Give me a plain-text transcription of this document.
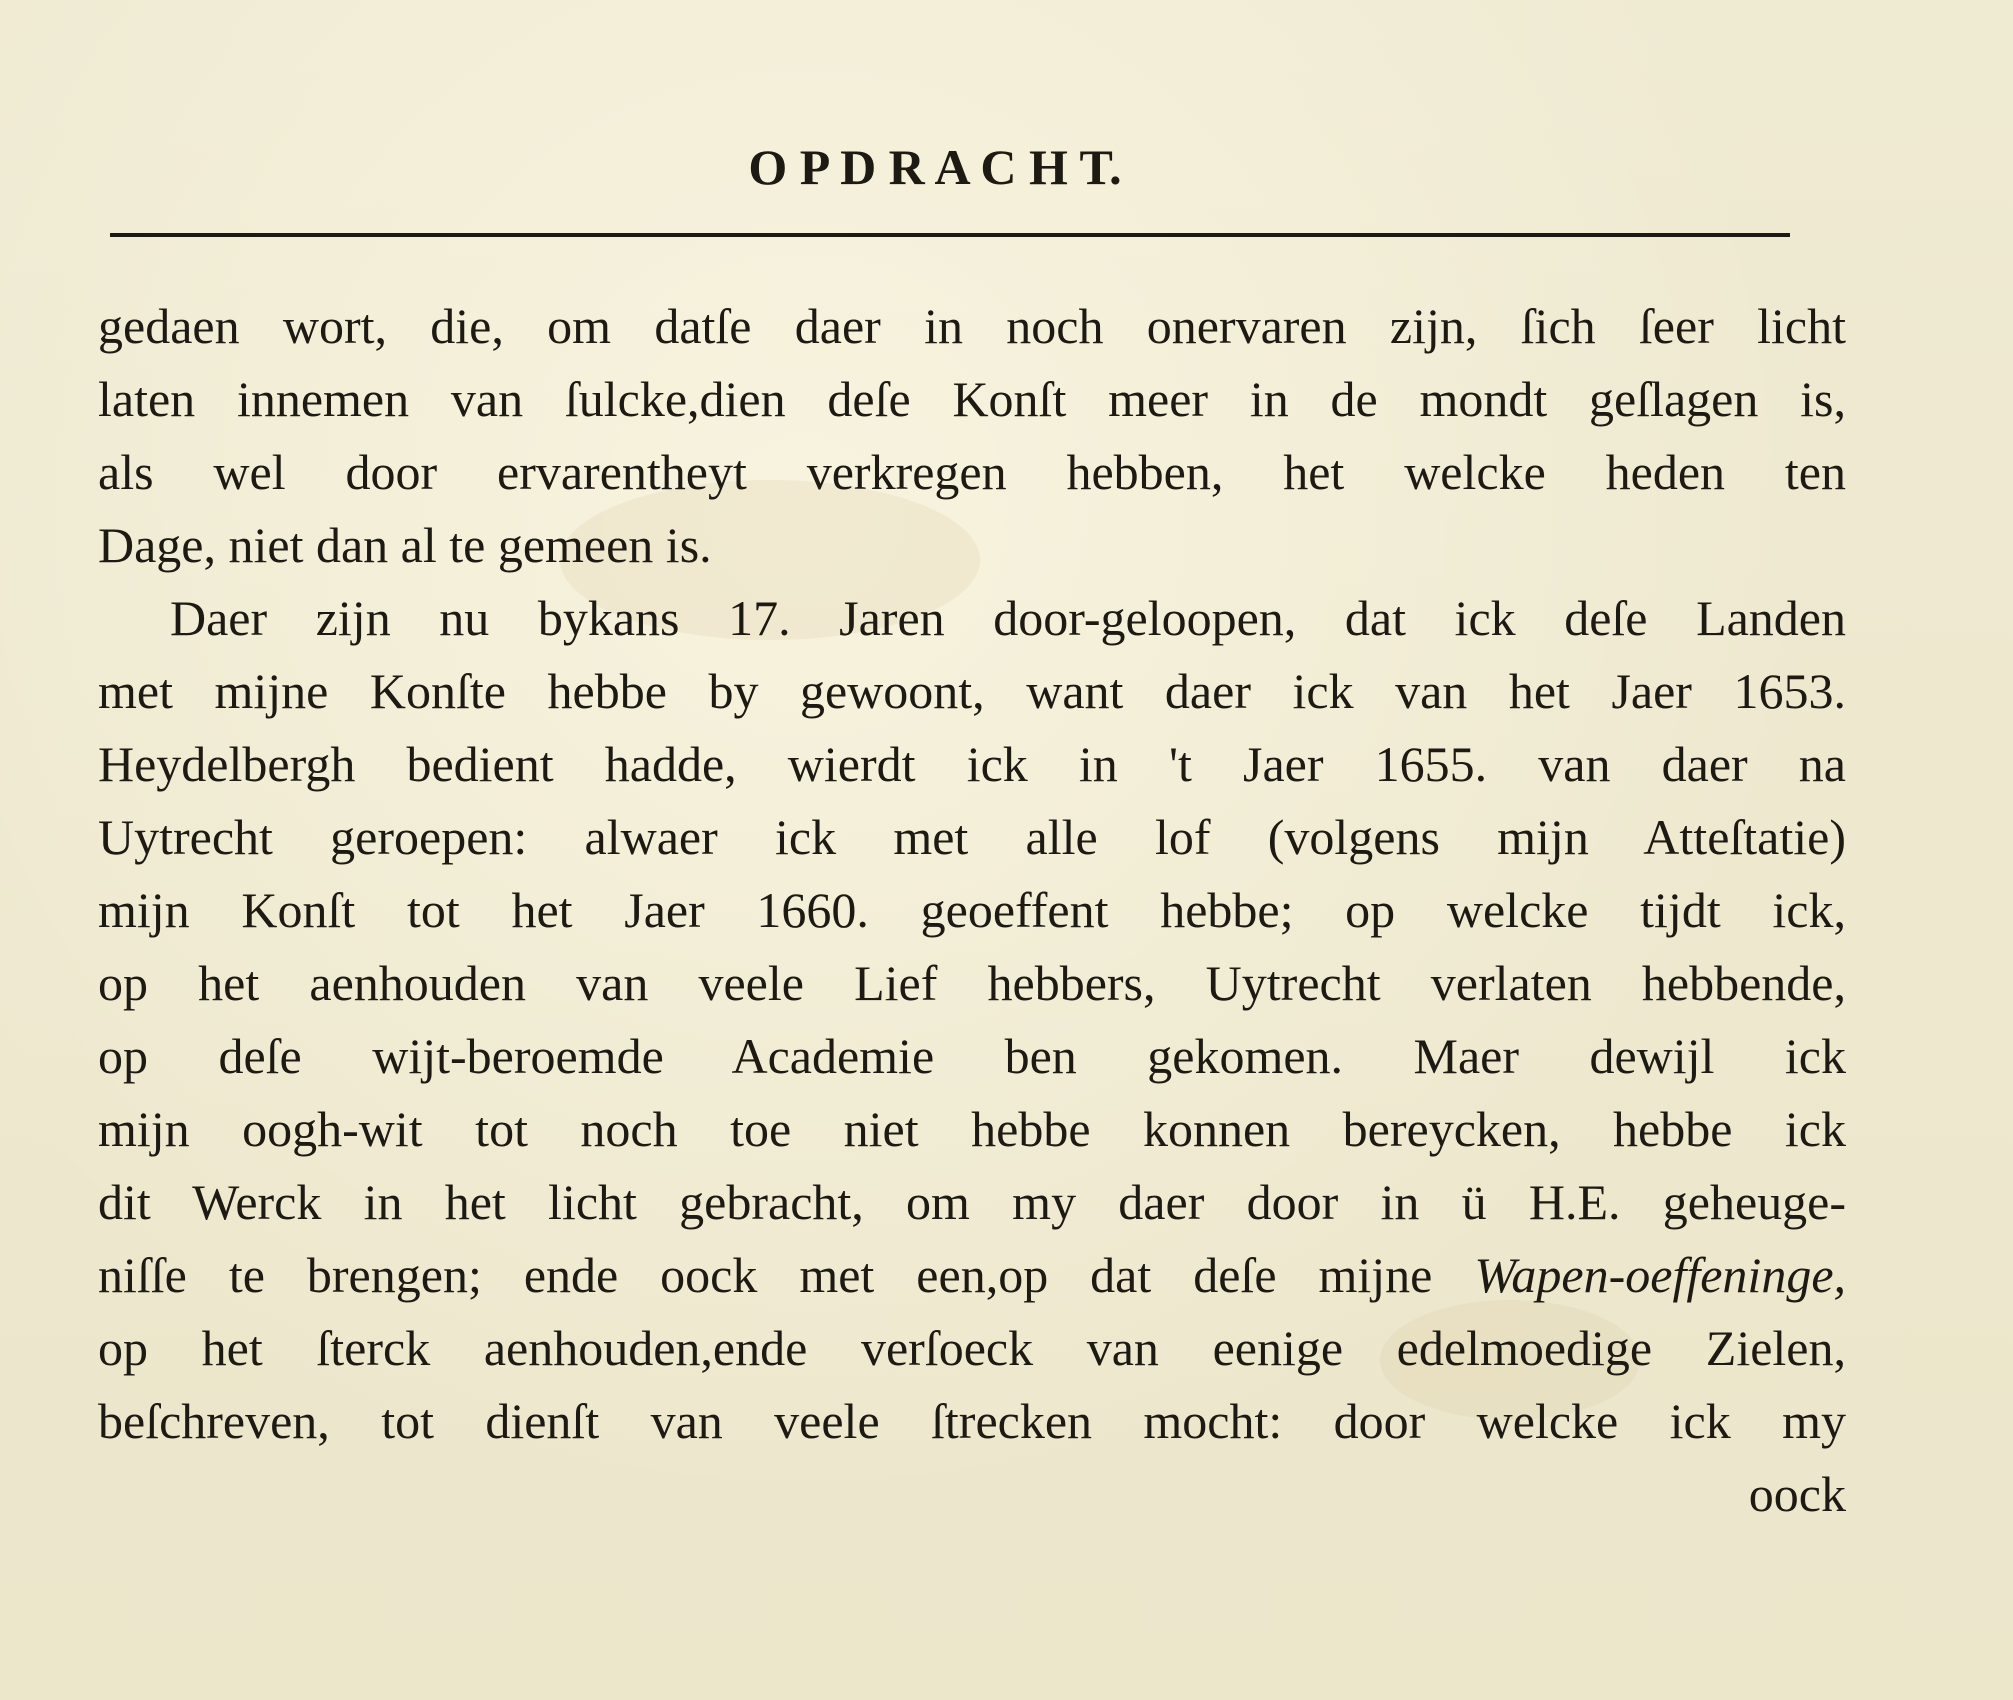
O P D R A C H T.
gedaen wort, die, om datſe daer in noch onervaren zijn, ſich ſeer licht
laten innemen van ſulcke,dien deſe Konſt meer in de mondt geſlagen is,
als wel door ervarentheyt verkregen hebben, het welcke heden ten
Dage, niet dan al te gemeen is.
Daer zijn nu bykans 17. Jaren door-geloopen, dat ick deſe Landen
met mijne Konſte hebbe by gewoont, want daer ick van het Jaer 1653.
Heydelbergh bedient hadde, wierdt ick in 't Jaer 1655. van daer na
Uytrecht geroepen: alwaer ick met alle lof (volgens mijn Atteſtatie)
mijn Konſt tot het Jaer 1660. geoeffent hebbe; op welcke tijdt ick,
op het aenhouden van veele Lief hebbers, Uytrecht verlaten hebbende,
op deſe wijt-beroemde Academie ben gekomen. Maer dewijl ick
mijn oogh-wit tot noch toe niet hebbe konnen bereycken, hebbe ick
dit Werck in het licht gebracht, om my daer door in ü H.E. geheuge-
niſſe te brengen; ende oock met een,op dat deſe mijne Wapen-oeffeninge,
op het ſterck aenhouden,ende verſoeck van eenige edelmoedige Zielen,
beſchreven, tot dienſt van veele ſtrecken mocht: door welcke ick my
oock
